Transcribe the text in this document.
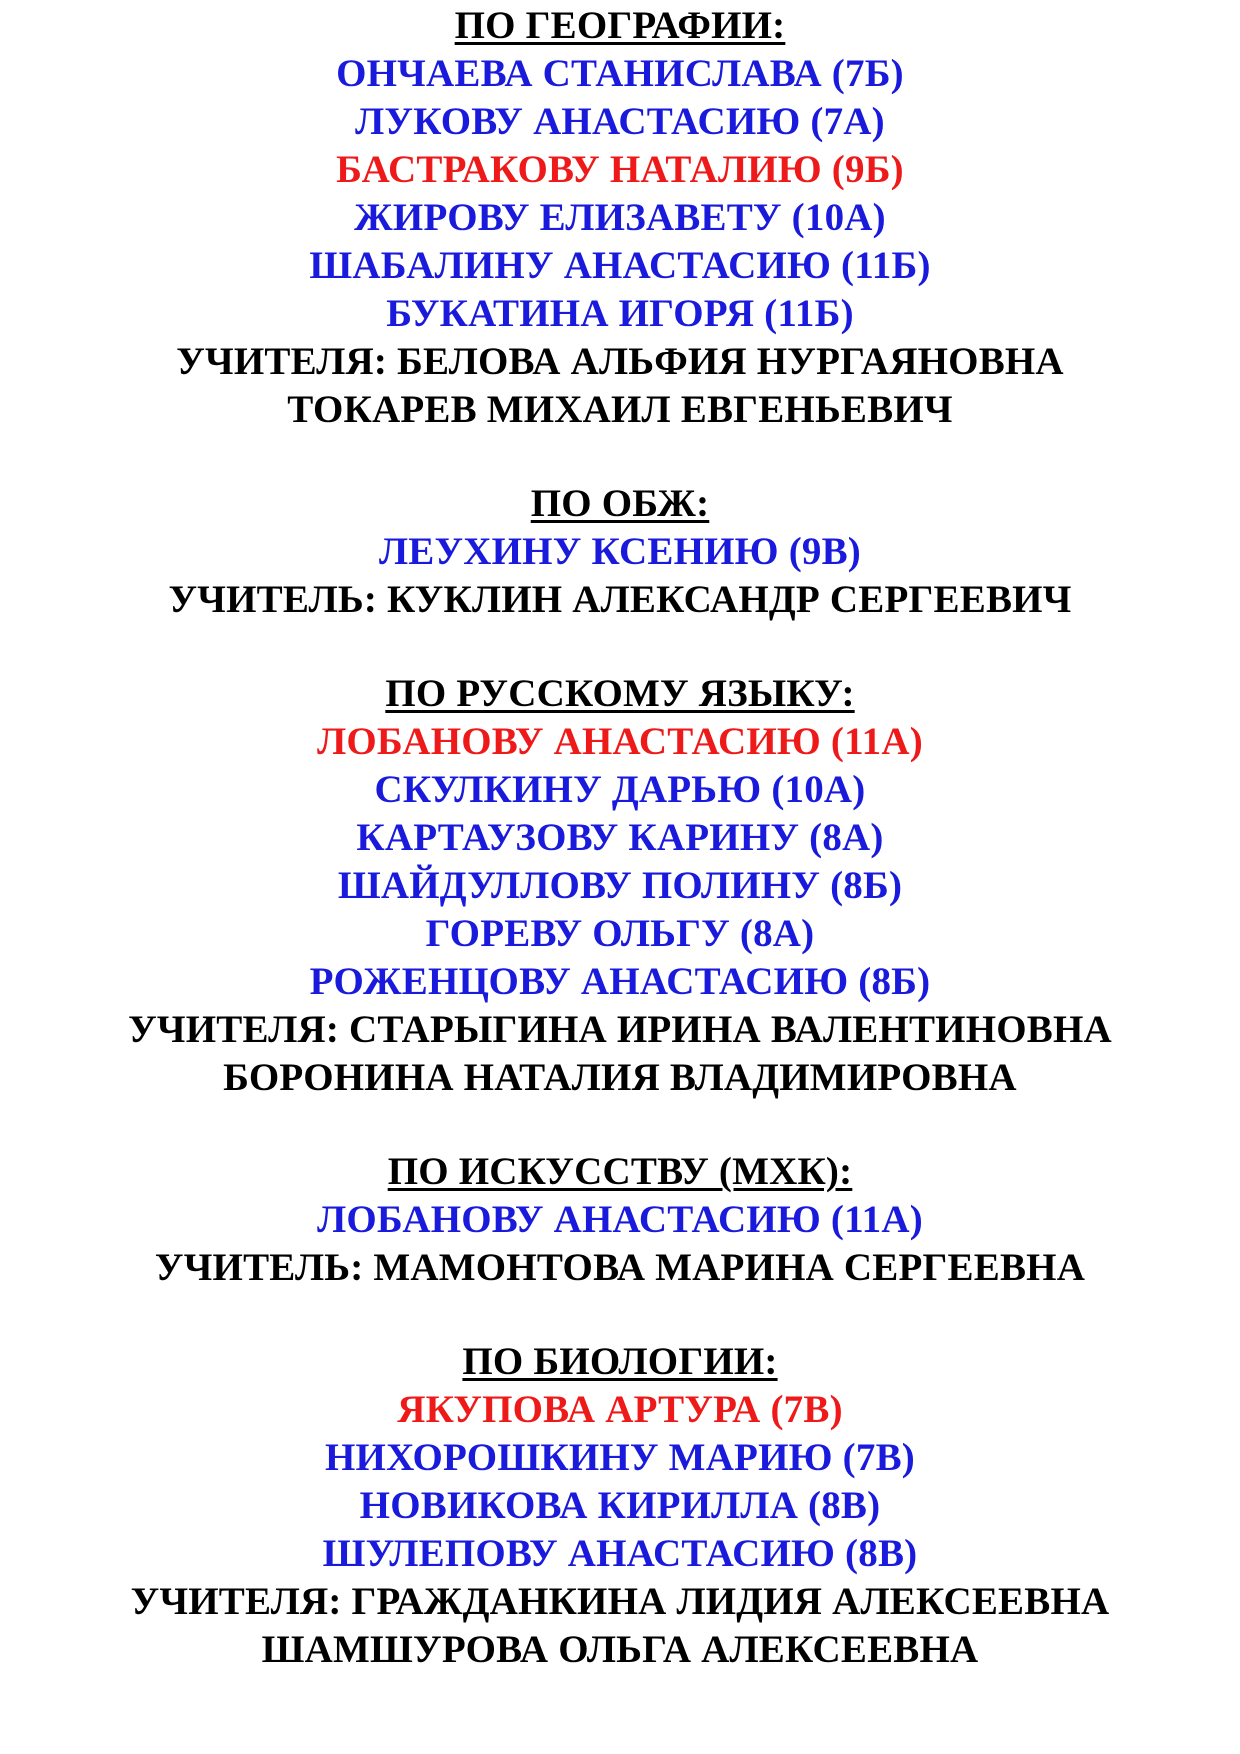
ПО ГЕОГРАФИИ:
ОНЧАЕВА СТАНИСЛАВА (7Б)
ЛУКОВУ АНАСТАСИЮ (7А)
БАСТРАКОВУ НАТАЛИЮ (9Б)
ЖИРОВУ ЕЛИЗАВЕТУ (10А)
ШАБАЛИНУ АНАСТАСИЮ (11Б)
БУКАТИНА ИГОРЯ (11Б)
УЧИТЕЛЯ: БЕЛОВА АЛЬФИЯ НУРГАЯНОВНА
ТОКАРЕВ МИХАИЛ ЕВГЕНЬЕВИЧ
ПО ОБЖ:
ЛЕУХИНУ КСЕНИЮ (9В)
УЧИТЕЛЬ: КУКЛИН АЛЕКСАНДР СЕРГЕЕВИЧ
ПО РУССКОМУ ЯЗЫКУ:
ЛОБАНОВУ АНАСТАСИЮ (11А)
СКУЛКИНУ ДАРЬЮ (10А)
КАРТАУЗОВУ КАРИНУ (8А)
ШАЙДУЛЛОВУ ПОЛИНУ (8Б)
ГОРЕВУ ОЛЬГУ (8А)
РОЖЕНЦОВУ АНАСТАСИЮ (8Б)
УЧИТЕЛЯ: СТАРЫГИНА ИРИНА ВАЛЕНТИНОВНА
БОРОНИНА НАТАЛИЯ ВЛАДИМИРОВНА
ПО ИСКУССТВУ (МХК):
ЛОБАНОВУ АНАСТАСИЮ (11А)
УЧИТЕЛЬ: МАМОНТОВА МАРИНА СЕРГЕЕВНА
ПО БИОЛОГИИ:
ЯКУПОВА АРТУРА (7В)
НИХОРОШКИНУ МАРИЮ (7В)
НОВИКОВА КИРИЛЛА (8В)
ШУЛЕПОВУ АНАСТАСИЮ (8В)
УЧИТЕЛЯ: ГРАЖДАНКИНА ЛИДИЯ АЛЕКСЕЕВНА
ШАМШУРОВА ОЛЬГА АЛЕКСЕЕВНА
